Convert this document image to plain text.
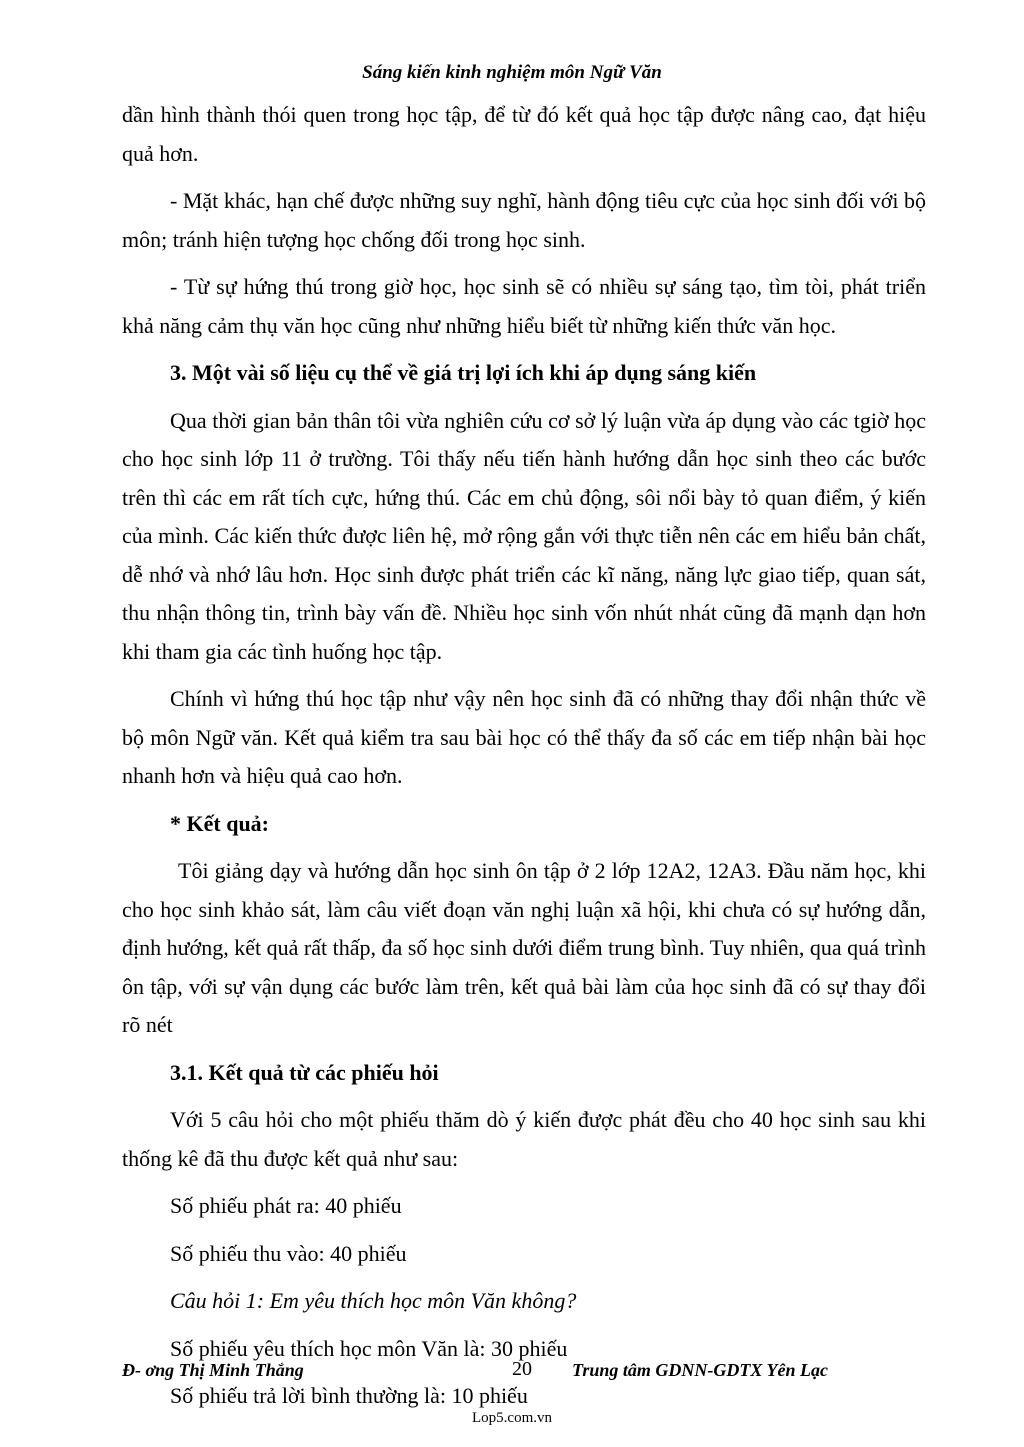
Sáng kiến kinh nghiệm môn Ngữ Văn

dần hình thành thói quen trong học tập, để từ đó kết quả học tập được nâng cao, đạt hiệu quả hơn.

- Mặt khác, hạn chế được những suy nghĩ, hành động tiêu cực của học sinh đối với bộ môn; tránh hiện tượng học chống đối trong học sinh.

- Từ sự hứng thú trong giờ học, học sinh sẽ có nhiều sự sáng tạo, tìm tòi, phát triển khả năng cảm thụ văn học cũng như những hiểu biết từ những kiến thức văn học.

3. Một vài số liệu cụ thể về giá trị lợi ích khi áp dụng sáng kiến

Qua thời gian bản thân tôi vừa nghiên cứu cơ sở lý luận vừa áp dụng vào các tgiờ học cho học sinh lớp 11 ở trường. Tôi thấy nếu tiến hành hướng dẫn học sinh theo các bước trên thì các em rất tích cực, hứng thú. Các em chủ động, sôi nổi bày tỏ quan điểm, ý kiến của mình. Các kiến thức được liên hệ, mở rộng gắn với thực tiễn nên các em hiểu bản chất, dễ nhớ và nhớ lâu hơn. Học sinh được phát triển các kĩ năng, năng lực giao tiếp, quan sát, thu nhận thông tin, trình bày vấn đề. Nhiều học sinh vốn nhút nhát cũng đã mạnh dạn hơn khi tham gia các tình huống học tập.

Chính vì hứng thú học tập như vậy nên học sinh đã có những thay đổi nhận thức về bộ môn Ngữ văn. Kết quả kiểm tra sau bài học có thể thấy đa số các em tiếp nhận bài học nhanh hơn và hiệu quả cao hơn.

* Kết quả:

Tôi giảng dạy và hướng dẫn học sinh ôn tập ở 2 lớp 12A2, 12A3. Đầu năm học, khi cho học sinh khảo sát, làm câu viết đoạn văn nghị luận xã hội, khi chưa có sự hướng dẫn, định hướng, kết quả rất thấp, đa số học sinh dưới điểm trung bình. Tuy nhiên, qua quá trình ôn tập, với sự vận dụng các bước làm trên, kết quả bài làm của học sinh đã có sự thay đổi rõ nét

3.1. Kết quả từ các phiếu hỏi

Với 5 câu hỏi cho một phiếu thăm dò ý kiến được phát đều cho 40 học sinh sau khi thống kê đã thu được kết quả như sau:

Số phiếu phát ra: 40 phiếu

Số phiếu thu vào: 40 phiếu

Câu hỏi 1: Em yêu thích học môn Văn không?

Số phiếu yêu thích học môn Văn là: 30 phiếu

Số phiếu trả lời bình thường là: 10 phiếu

Đ- ơng Thị Minh Thắng	20 Trung tâm GDNN-GDTX Yên Lạc
Lop5.com.vn
